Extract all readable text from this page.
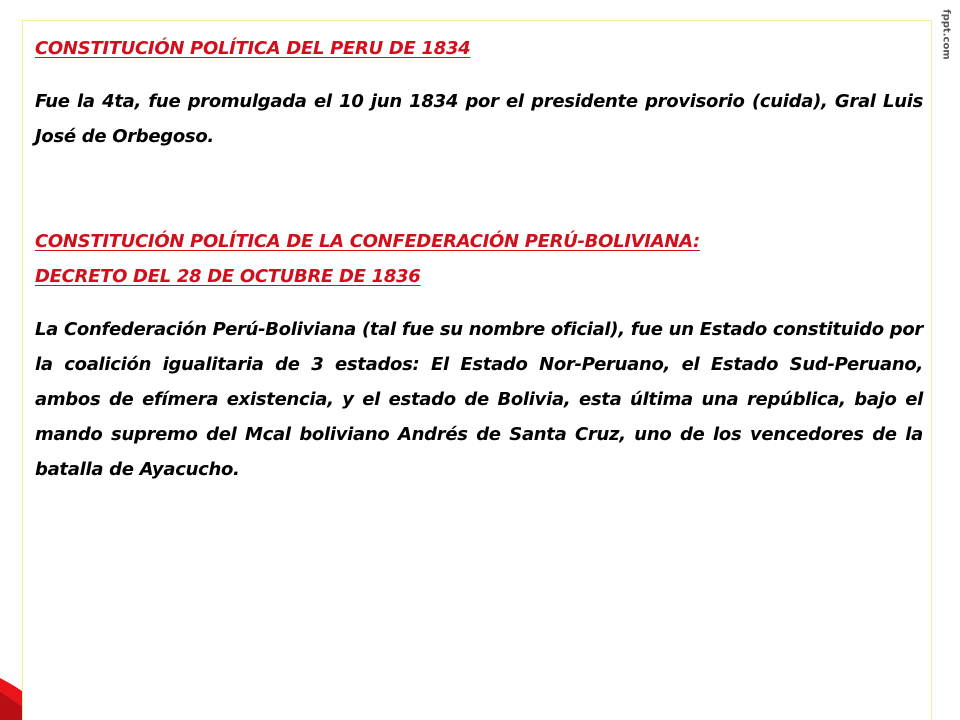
CONSTITUCIÓN POLÍTICA DEL PERU DE 1834

Fue la 4ta, fue promulgada el 10 jun 1834 por el presidente provisorio (cuida), Gral Luis José de Orbegoso.

CONSTITUCIÓN POLÍTICA DE LA CONFEDERACIÓN PERÚ-BOLIVIANA:

DECRETO DEL 28 DE OCTUBRE DE 1836

La Confederación Perú-Boliviana (tal fue su nombre oficial), fue un Estado constituido por la coalición igualitaria de 3 estados: El Estado Nor-Peruano, el Estado Sud-Peruano, ambos de efímera existencia, y el estado de Bolivia, esta última una república, bajo el mando supremo del Mcal boliviano Andrés de Santa Cruz, uno de los vencedores de la batalla de Ayacucho.

fppt.com
